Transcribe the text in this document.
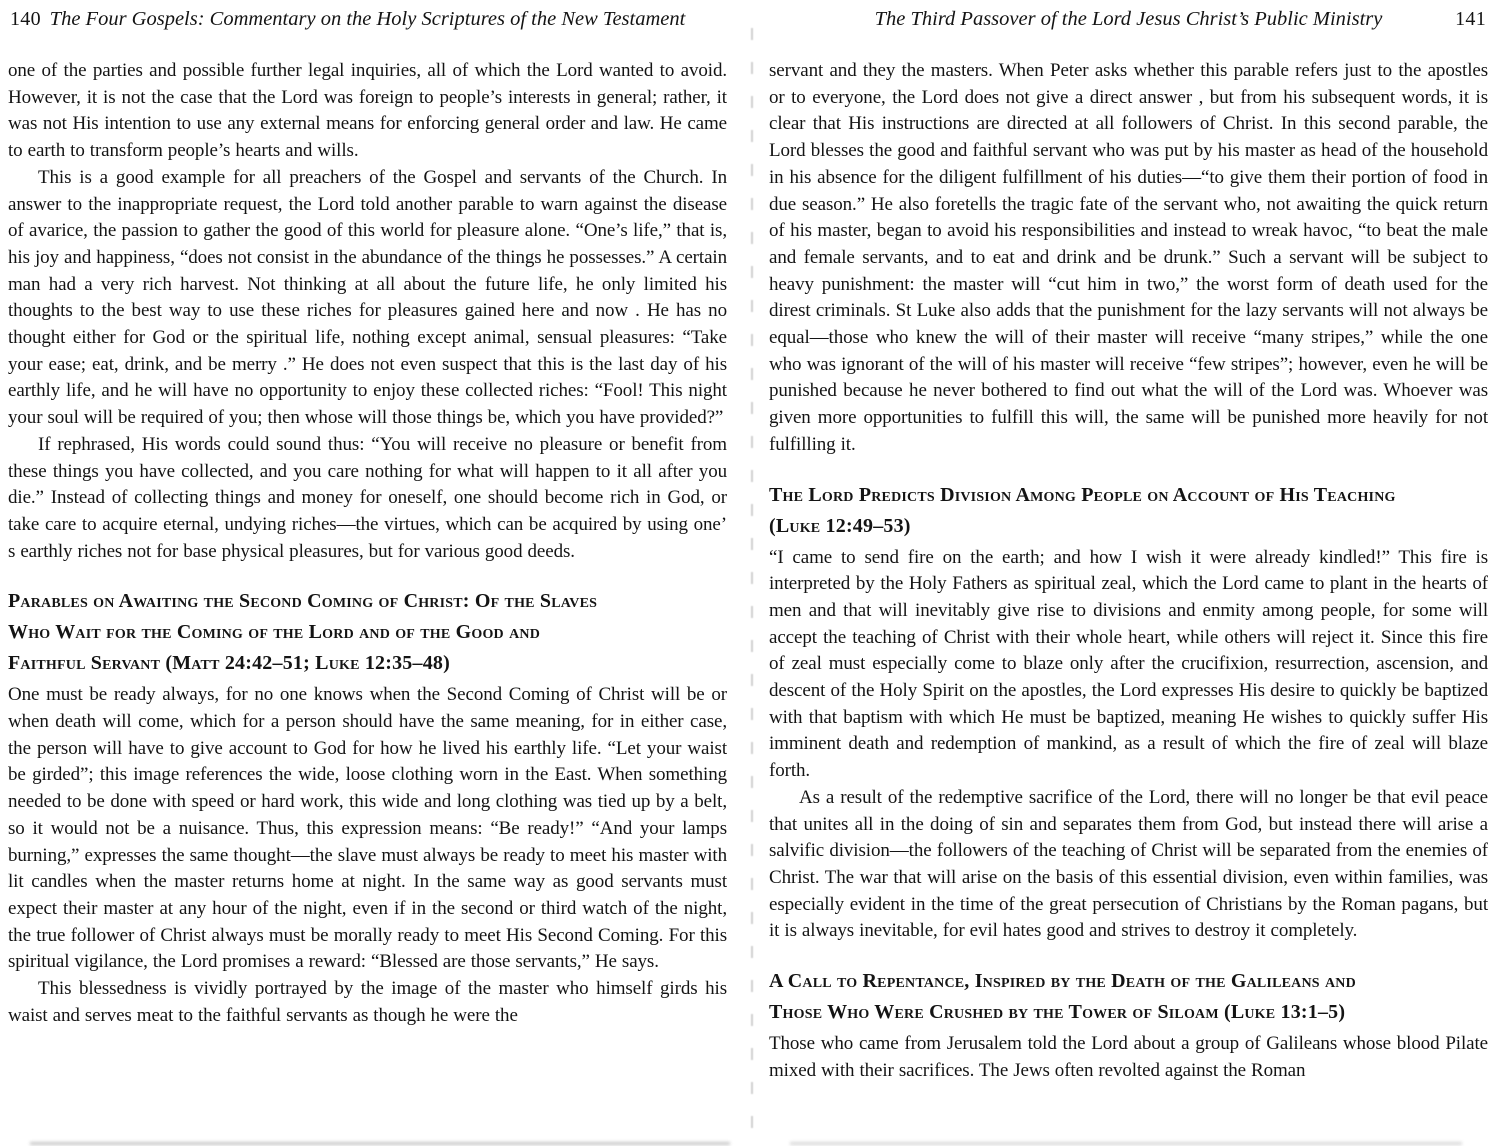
140 The Four Gospels: Commentary on the Holy Scriptures of the New Testament

one of the parties and possible further legal inquiries, all of which the Lord wanted to avoid. However, it is not the case that the Lord was foreign to people’s interests in general; rather, it was not His intention to use any external means for enforcing general order and law. He came to earth to transform people’s hearts and wills.

This is a good example for all preachers of the Gospel and servants of the Church. In answer to the inappropriate request, the Lord told another parable to warn against the disease of avarice, the passion to gather the good of this world for pleasure alone. “One’s life,” that is, his joy and happiness, “does not consist in the abundance of the things he possesses.” A certain man had a very rich harvest. Not thinking at all about the future life, he only limited his thoughts to the best way to use these riches for pleasures gained here and now . He has no thought either for God or the spiritual life, nothing except animal, sensual pleasures: “Take your ease; eat, drink, and be merry .” He does not even suspect that this is the last day of his earthly life, and he will have no opportunity to enjoy these collected riches: “Fool! This night your soul will be required of you; then whose will those things be, which you have provided?”

If rephrased, His words could sound thus: “You will receive no pleasure or benefit from these things you have collected, and you care nothing for what will happen to it all after you die.” Instead of collecting things and money for oneself, one should become rich in God, or take care to acquire eternal, undying riches—the virtues, which can be acquired by using one’ s earthly riches not for base physical pleasures, but for various good deeds.

Parables on Awaiting the Second Coming of Christ: Of the Slaves
Who Wait for the Coming of the Lord and of the Good and
Faithful Servant (Matt 24:42–51; Luke 12:35–48)

One must be ready always, for no one knows when the Second Coming of Christ will be or when death will come, which for a person should have the same meaning, for in either case, the person will have to give account to God for how he lived his earthly life. “Let your waist be girded”; this image references the wide, loose clothing worn in the East. When something needed to be done with speed or hard work, this wide and long clothing was tied up by a belt, so it would not be a nuisance. Thus, this expression means: “Be ready!” “And your lamps burning,” expresses the same thought—the slave must always be ready to meet his master with lit candles when the master returns home at night. In the same way as good servants must expect their master at any hour of the night, even if in the second or third watch of the night, the true follower of Christ always must be morally ready to meet His Second Coming. For this spiritual vigilance, the Lord promises a reward: “Blessed are those servants,” He says.

This blessedness is vividly portrayed by the image of the master who himself girds his waist and serves meat to the faithful servants as though he were the

The Third Passover of the Lord Jesus Christ’s Public Ministry	141

servant and they the masters. When Peter asks whether this parable refers just to the apostles or to everyone, the Lord does not give a direct answer , but from his subsequent words, it is clear that His instructions are directed at all followers of Christ. In this second parable, the Lord blesses the good and faithful servant who was put by his master as head of the household in his absence for the diligent fulfillment of his duties—“to give them their portion of food in due season.” He also foretells the tragic fate of the servant who, not awaiting the quick return of his master, began to avoid his responsibilities and instead to wreak havoc, “to beat the male and female servants, and to eat and drink and be drunk.” Such a servant will be subject to heavy punishment: the master will “cut him in two,” the worst form of death used for the direst criminals. St Luke also adds that the punishment for the lazy servants will not always be equal—those who knew the will of their master will receive “many stripes,” while the one who was ignorant of the will of his master will receive “few stripes”; however, even he will be punished because he never bothered to find out what the will of the Lord was. Whoever was given more opportunities to fulfill this will, the same will be punished more heavily for not fulfilling it.

The Lord Predicts Division Among People on Account of His Teaching
(Luke 12:49–53)

“I came to send fire on the earth; and how I wish it were already kindled!” This fire is interpreted by the Holy Fathers as spiritual zeal, which the Lord came to plant in the hearts of men and that will inevitably give rise to divisions and enmity among people, for some will accept the teaching of Christ with their whole heart, while others will reject it. Since this fire of zeal must especially come to blaze only after the crucifixion, resurrection, ascension, and descent of the Holy Spirit on the apostles, the Lord expresses His desire to quickly be baptized with that baptism with which He must be baptized, meaning He wishes to quickly suffer His imminent death and redemption of mankind, as a result of which the fire of zeal will blaze forth.

As a result of the redemptive sacrifice of the Lord, there will no longer be that evil peace that unites all in the doing of sin and separates them from God, but instead there will arise a salvific division—the followers of the teaching of Christ will be separated from the enemies of Christ. The war that will arise on the basis of this essential division, even within families, was especially evident in the time of the great persecution of Christians by the Roman pagans, but it is always inevitable, for evil hates good and strives to destroy it completely.

A Call to Repentance, Inspired by the Death of the Galileans and
Those Who Were Crushed by the Tower of Siloam (Luke 13:1–5)

Those who came from Jerusalem told the Lord about a group of Galileans whose blood Pilate mixed with their sacrifices. The Jews often revolted against the Roman
